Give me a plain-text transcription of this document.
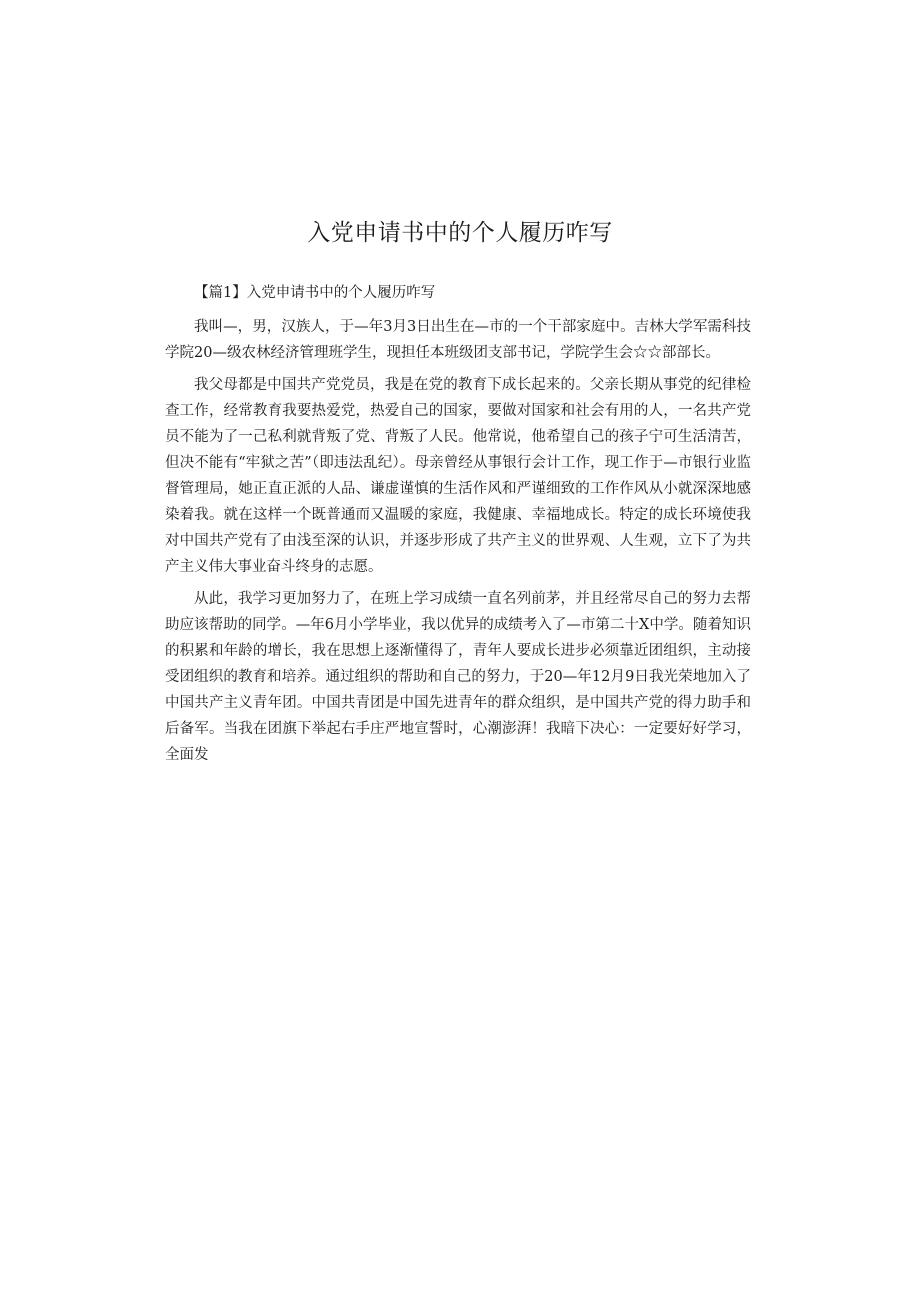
入党申请书中的个人履历咋写

【篇1】入党申请书中的个人履历咋写

我叫—，男，汉族人，于—年3月3日出生在—市的一个干部家庭中。吉林大学军需科技学院20—级农林经济管理班学生，现担任本班级团支部书记，学院学生会☆☆部部长。

我父母都是中国共产党党员，我是在党的教育下成长起来的。父亲长期从事党的纪律检查工作，经常教育我要热爱党，热爱自己的国家，要做对国家和社会有用的人，一名共产党员不能为了一己私利就背叛了党、背叛了人民。他常说，他希望自己的孩子宁可生活清苦，但决不能有“牢狱之苦”（即违法乱纪）。母亲曾经从事银行会计工作，现工作于—市银行业监督管理局，她正直正派的人品、谦虚谨慎的生活作风和严谨细致的工作作风从小就深深地感染着我。就在这样一个既普通而又温暖的家庭，我健康、幸福地成长。特定的成长环境使我对中国共产党有了由浅至深的认识，并逐步形成了共产主义的世界观、人生观，立下了为共产主义伟大事业奋斗终身的志愿。

从此，我学习更加努力了，在班上学习成绩一直名列前茅，并且经常尽自己的努力去帮助应该帮助的同学。—年6月小学毕业，我以优异的成绩考入了—市第二十X中学。随着知识的积累和年龄的增长，我在思想上逐渐懂得了，青年人要成长进步必须靠近团组织，主动接受团组织的教育和培养。通过组织的帮助和自己的努力，于20—年12月9日我光荣地加入了中国共产主义青年团。中国共青团是中国先进青年的群众组织，是中国共产党的得力助手和后备军。当我在团旗下举起右手庄严地宣誓时，心潮澎湃！我暗下决心：一定要好好学习，全面发
